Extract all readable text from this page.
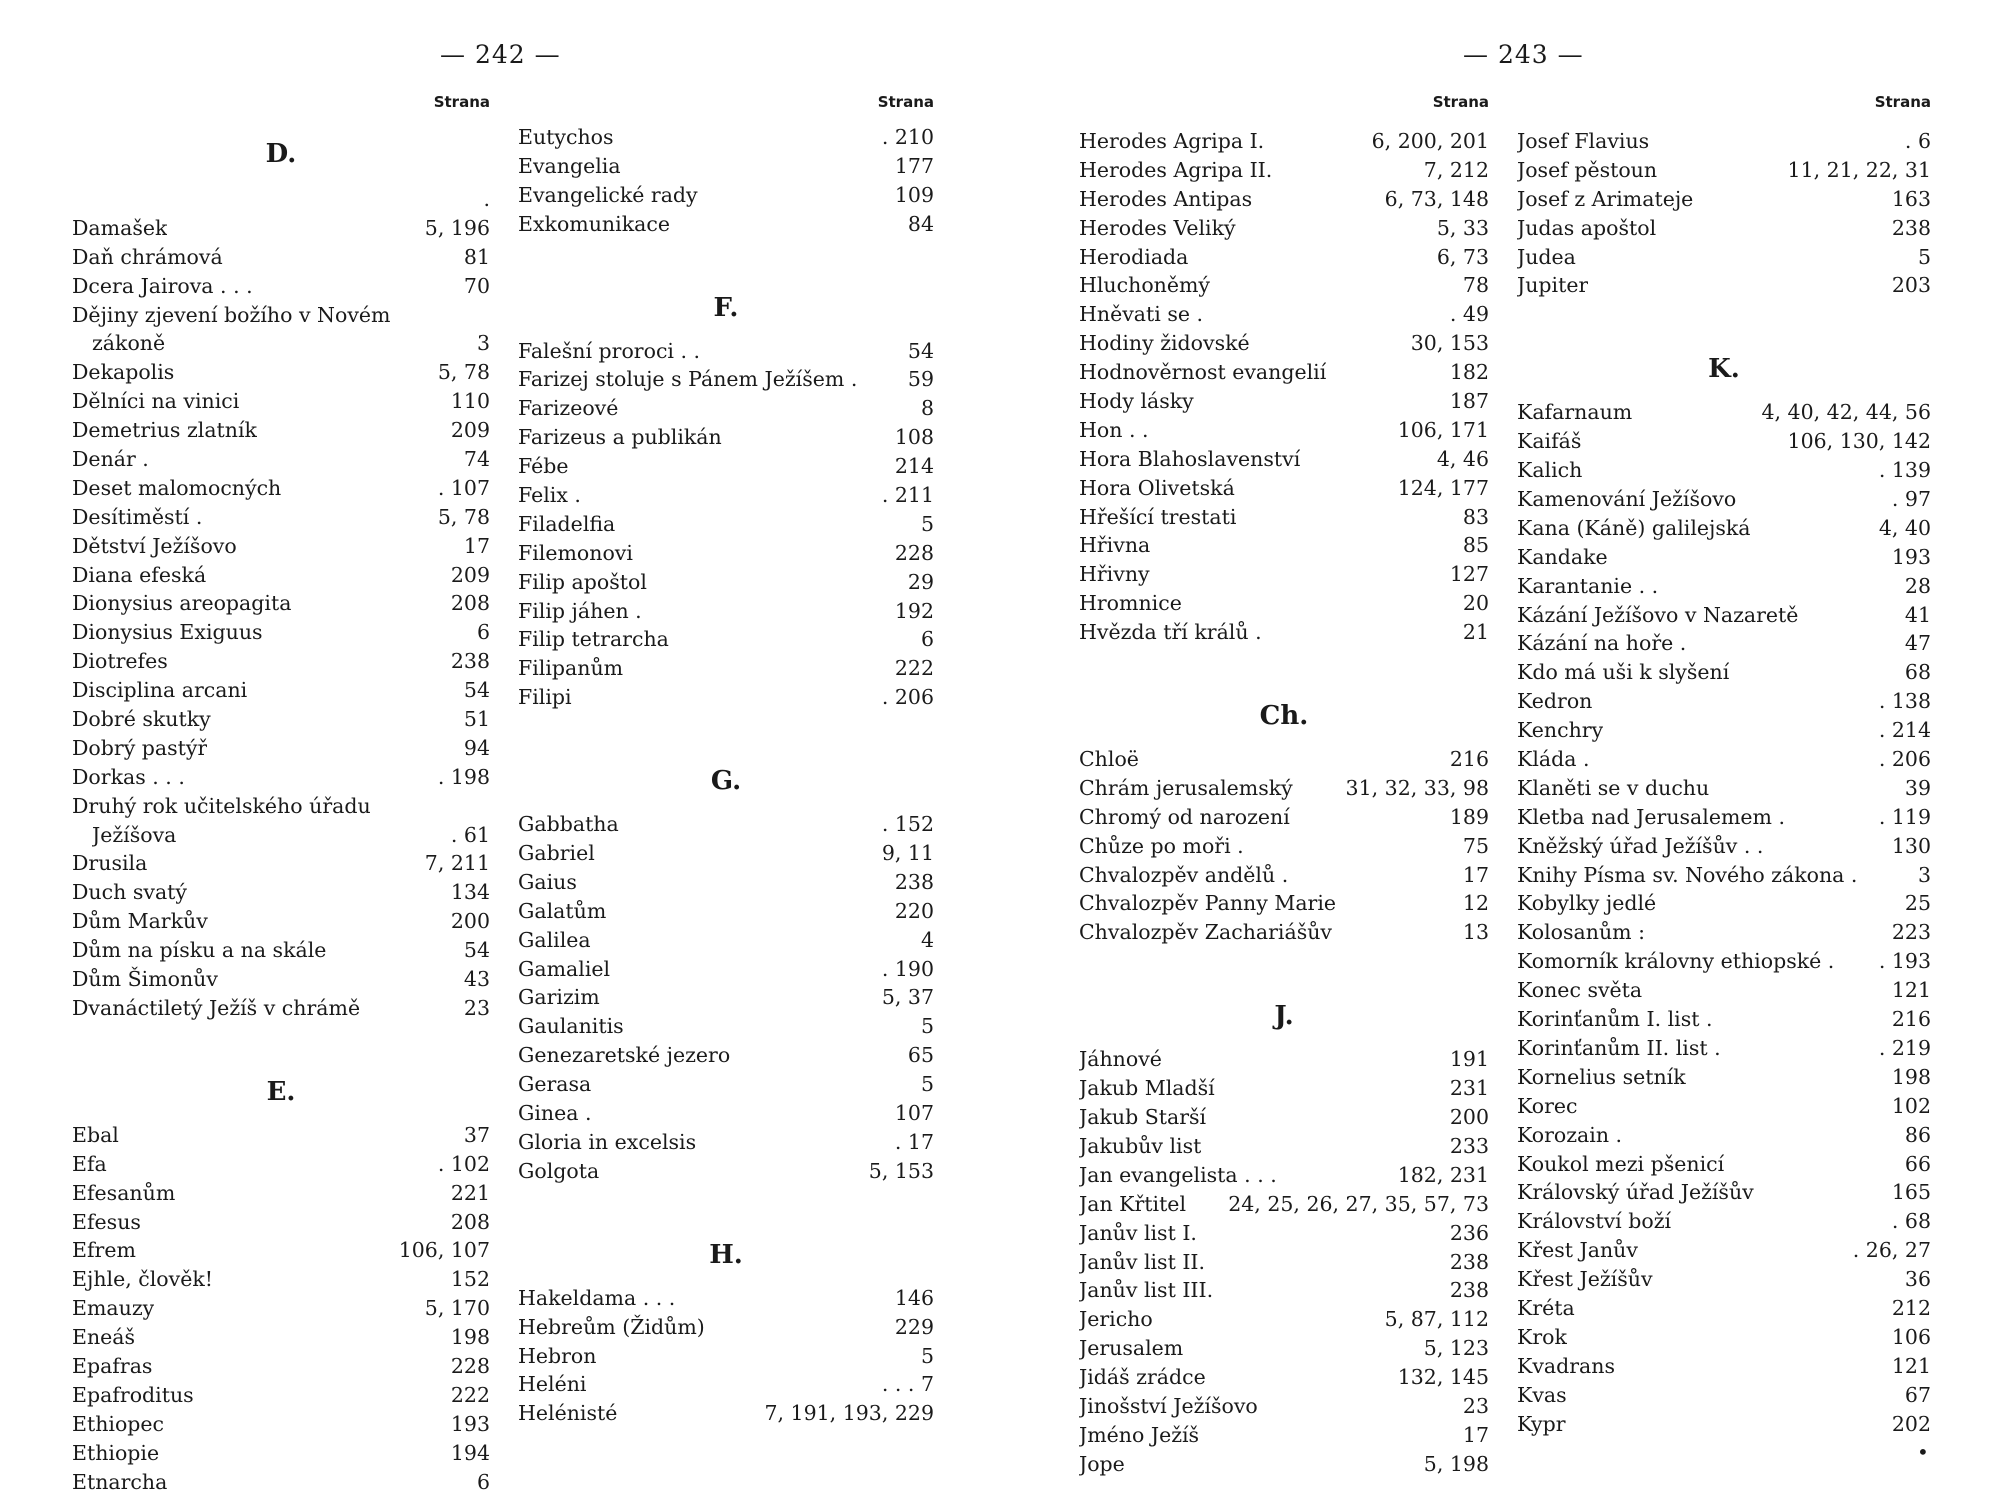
— 242 —
Strana
D.
.
Damašek	5, 196
Daň chrámová	81
Dcera Jairova . . .	70
Dějiny zjevení božího v Novém
zákoně	3
Dekapolis	5, 78
Dělníci na vinici	110
Demetrius zlatník	209
Denár .	74
Deset malomocných	. 107
Desítiměstí .	5, 78
Dětství Ježíšovo	17
Diana efeská	209
Dionysius areopagita	208
Dionysius Exiguus	6
Diotrefes	238
Disciplina arcani	54
Dobré skutky	51
Dobrý pastýř	94
Dorkas . . .	. 198
Druhý rok učitelského úřadu
Ježíšova	. 61
Drusila	7, 211
Duch svatý	134
Dům Markův	200
Dům na písku a na skále	54
Dům Šimonův	43
Dvanáctiletý Ježíš v chrámě	23
E.
Ebal	37
Efa	. 102
Efesanům	221
Efesus	208
Efrem	106, 107
Ejhle, člověk!	152
Emauzy	5, 170
Eneáš	198
Epafras	228
Epafroditus	222
Ethiopec	193
Ethiopie	194
Etnarcha	6
Strana
Eutychos	. 210
Evangelia	177
Evangelické rady	109
Exkomunikace	84
F.
Falešní proroci . .	54
Farizej stoluje s Pánem Ježíšem .	59
Farizeové	8
Farizeus a publikán	108
Fébe	214
Felix .	. 211
Filadelfia	5
Filemonovi	228
Filip apoštol	29
Filip jáhen .	192
Filip tetrarcha	6
Filipanům	222
Filipi	. 206
G.
Gabbatha	. 152
Gabriel	9, 11
Gaius	238
Galatům	220
Galilea	4
Gamaliel	. 190
Garizim	5, 37
Gaulanitis	5
Genezaretské jezero	65
Gerasa	5
Ginea .	107
Gloria in excelsis	. 17
Golgota	5, 153
H.
Hakeldama . . .	146
Hebreům (Židům)	229
Hebron	5
Heléni	. . . 7
Helénisté	7, 191, 193, 229
— 243 —
Strana
Herodes Agripa I.	6, 200, 201
Herodes Agripa II.	7, 212
Herodes Antipas	6, 73, 148
Herodes Veliký	5, 33
Herodiada	6, 73
Hluchoněmý	78
Hněvati se .	. 49
Hodiny židovské	30, 153
Hodnověrnost evangelií	182
Hody lásky	187
Hon . .	106, 171
Hora Blahoslavenství	4, 46
Hora Olivetská	124, 177
Hřešící trestati	83
Hřivna	85
Hřivny	127
Hromnice	20
Hvězda tří králů .	21
Ch.
Chloë	216
Chrám jerusalemský	31, 32, 33, 98
Chromý od narození	189
Chůze po moři .	75
Chvalozpěv andělů .	17
Chvalozpěv Panny Marie	12
Chvalozpěv Zachariášův	13
J.
Jáhnové	191
Jakub Mladší	231
Jakub Starší	200
Jakubův list	233
Jan evangelista . . .	182, 231
Jan Křtitel	24, 25, 26, 27, 35, 57, 73
Janův list I.	236
Janův list II.	238
Janův list III.	238
Jericho	5, 87, 112
Jerusalem	5, 123
Jidáš zrádce	132, 145
Jinošství Ježíšovo	23
Jméno Ježíš	17
Jope	5, 198
Strana
Josef Flavius	. 6
Josef pěstoun	11, 21, 22, 31
Josef z Arimateje	163
Judas apoštol	238
Judea	5
Jupiter	203
K.
Kafarnaum	4, 40, 42, 44, 56
Kaifáš	106, 130, 142
Kalich	. 139
Kamenování Ježíšovo	. 97
Kana (Káně) galilejská	4, 40
Kandake	193
Karantanie . .	28
Kázání Ježíšovo v Nazaretě	41
Kázání na hoře .	47
Kdo má uši k slyšení	68
Kedron	. 138
Kenchry	. 214
Kláda .	. 206
Klaněti se v duchu	39
Kletba nad Jerusalemem .	. 119
Kněžský úřad Ježíšův . .	130
Knihy Písma sv. Nového zákona .	3
Kobylky jedlé	25
Kolosanům :	223
Komorník královny ethiopské .	. 193
Konec světa	121
Korinťanům I. list .	216
Korinťanům II. list .	. 219
Kornelius setník	198
Korec	102
Korozain .	86
Koukol mezi pšenicí	66
Královský úřad Ježíšův	165
Království boží	. 68
Křest Janův	. 26, 27
Křest Ježíšův	36
Kréta	212
Krok	106
Kvadrans	121
Kvas	67
Kypr	202
•
